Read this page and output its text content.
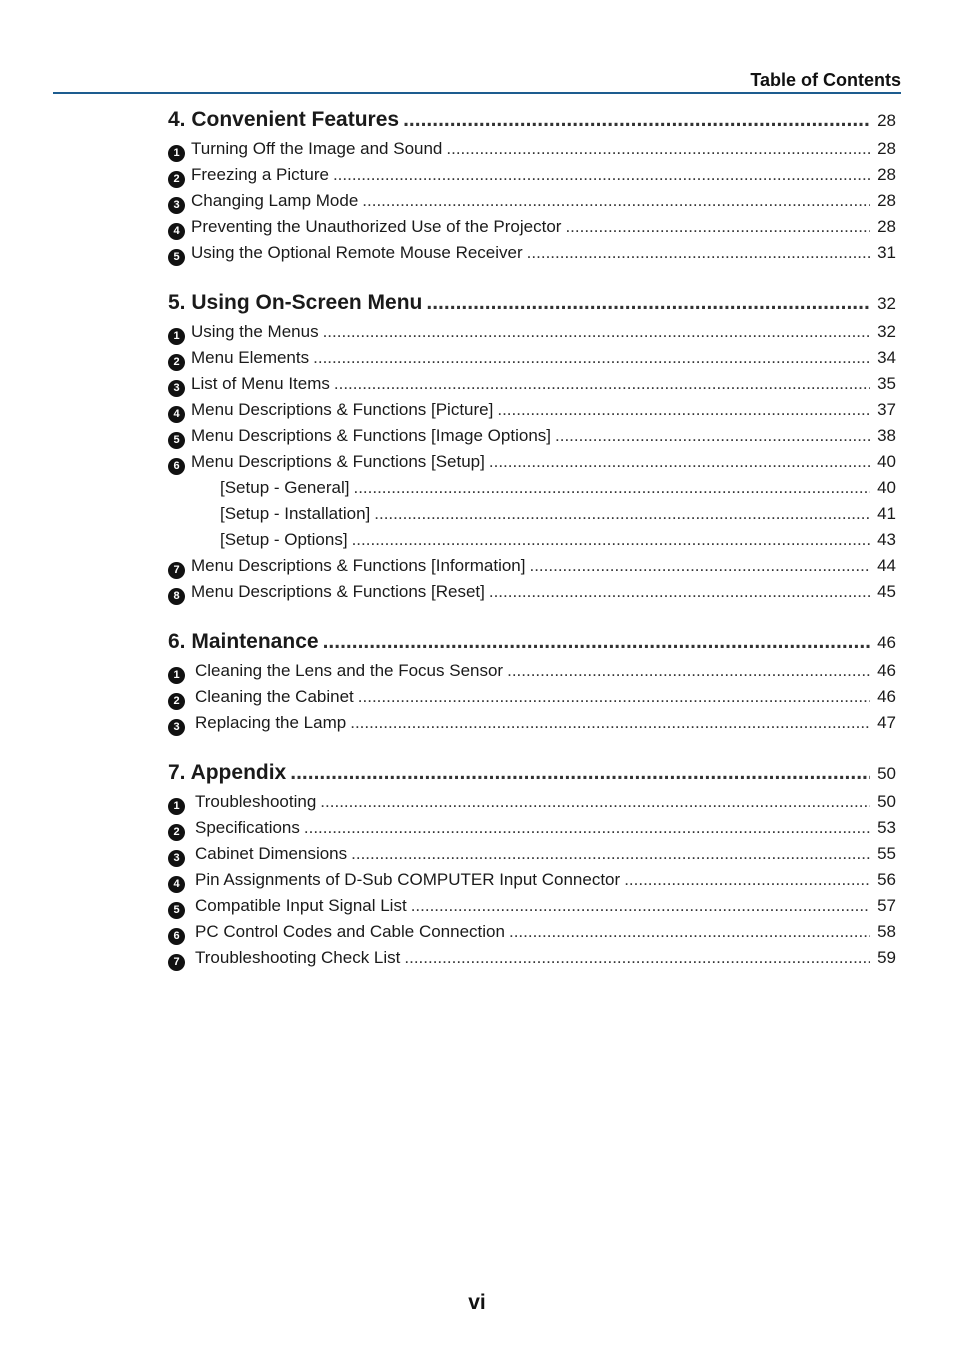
Table of Contents
4. Convenient Features .....	28
1 Turning Off the Image and Sound .....	28
2 Freezing a Picture .....	28
3 Changing Lamp Mode .....	28
4 Preventing the Unauthorized Use of the Projector .....	28
5 Using the Optional Remote Mouse Receiver .....	31
5. Using On-Screen Menu .....	32
1 Using the Menus .....	32
2 Menu Elements .....	34
3 List of Menu Items .....	35
4 Menu Descriptions & Functions [Picture] .....	37
5 Menu Descriptions & Functions [Image Options] .....	38
6 Menu Descriptions & Functions [Setup] .....	40
[Setup - General] .....	40
[Setup - Installation] .....	41
[Setup - Options] .....	43
7 Menu Descriptions & Functions [Information] .....	44
8 Menu Descriptions & Functions [Reset] .....	45
6. Maintenance .....	46
1 Cleaning the Lens and the Focus Sensor .....	46
2 Cleaning the Cabinet .....	46
3 Replacing the Lamp .....	47
7. Appendix .....	50
1 Troubleshooting .....	50
2 Specifications .....	53
3 Cabinet Dimensions .....	55
4 Pin Assignments of D-Sub COMPUTER Input Connector .....	56
5 Compatible Input Signal List .....	57
6 PC Control Codes and Cable Connection .....	58
7 Troubleshooting Check List .....	59
vi
